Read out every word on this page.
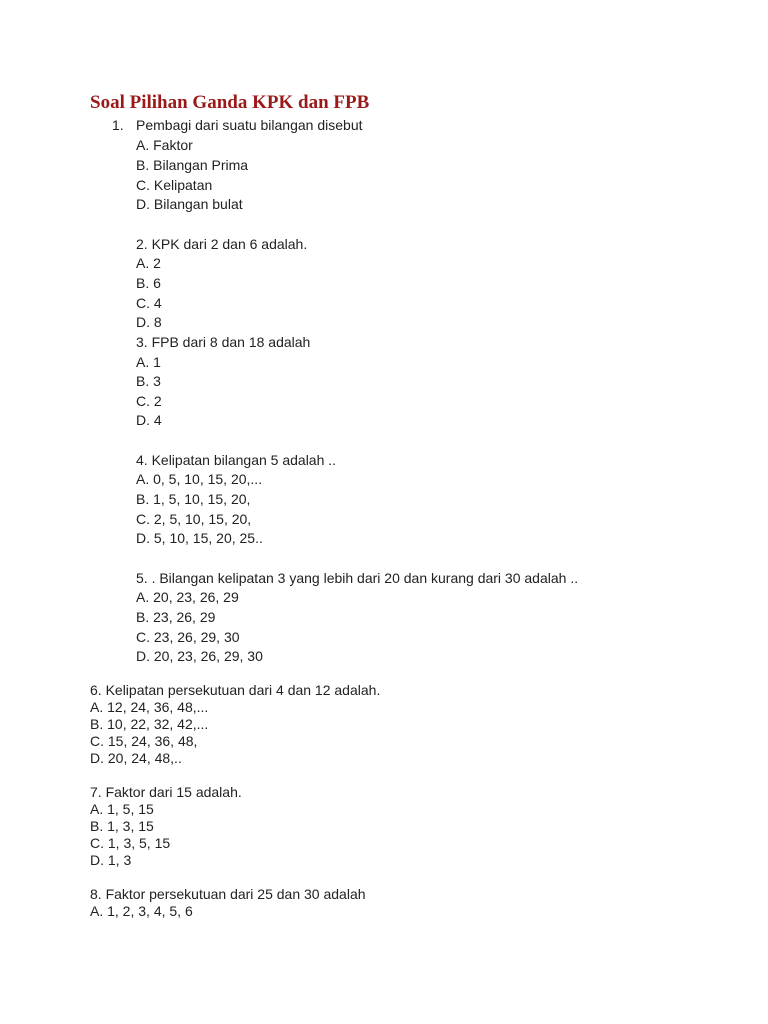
Soal Pilihan Ganda KPK dan FPB
1. Pembagi dari suatu bilangan disebut
A. Faktor
B. Bilangan Prima
C. Kelipatan
D. Bilangan bulat
2. KPK dari 2 dan 6 adalah.
A. 2
B. 6
C. 4
D. 8
3. FPB dari 8 dan 18 adalah
A. 1
B. 3
C. 2
D. 4
4. Kelipatan bilangan 5 adalah ..
A. 0, 5, 10, 15, 20,...
B. 1, 5, 10, 15, 20,
C. 2, 5, 10, 15, 20,
D. 5, 10, 15, 20, 25..
5. . Bilangan kelipatan 3 yang lebih dari 20 dan kurang dari 30 adalah ..
A. 20, 23, 26, 29
B. 23, 26, 29
C. 23, 26, 29, 30
D. 20, 23, 26, 29, 30
6. Kelipatan persekutuan dari 4 dan 12 adalah.
A. 12, 24, 36, 48,...
B. 10, 22, 32, 42,...
C. 15, 24, 36, 48,
D. 20, 24, 48,..
7. Faktor dari 15 adalah.
A. 1, 5, 15
B. 1, 3, 15
C. 1, 3, 5, 15
D. 1, 3
8. Faktor persekutuan dari 25 dan 30 adalah
A. 1, 2, 3, 4, 5, 6
